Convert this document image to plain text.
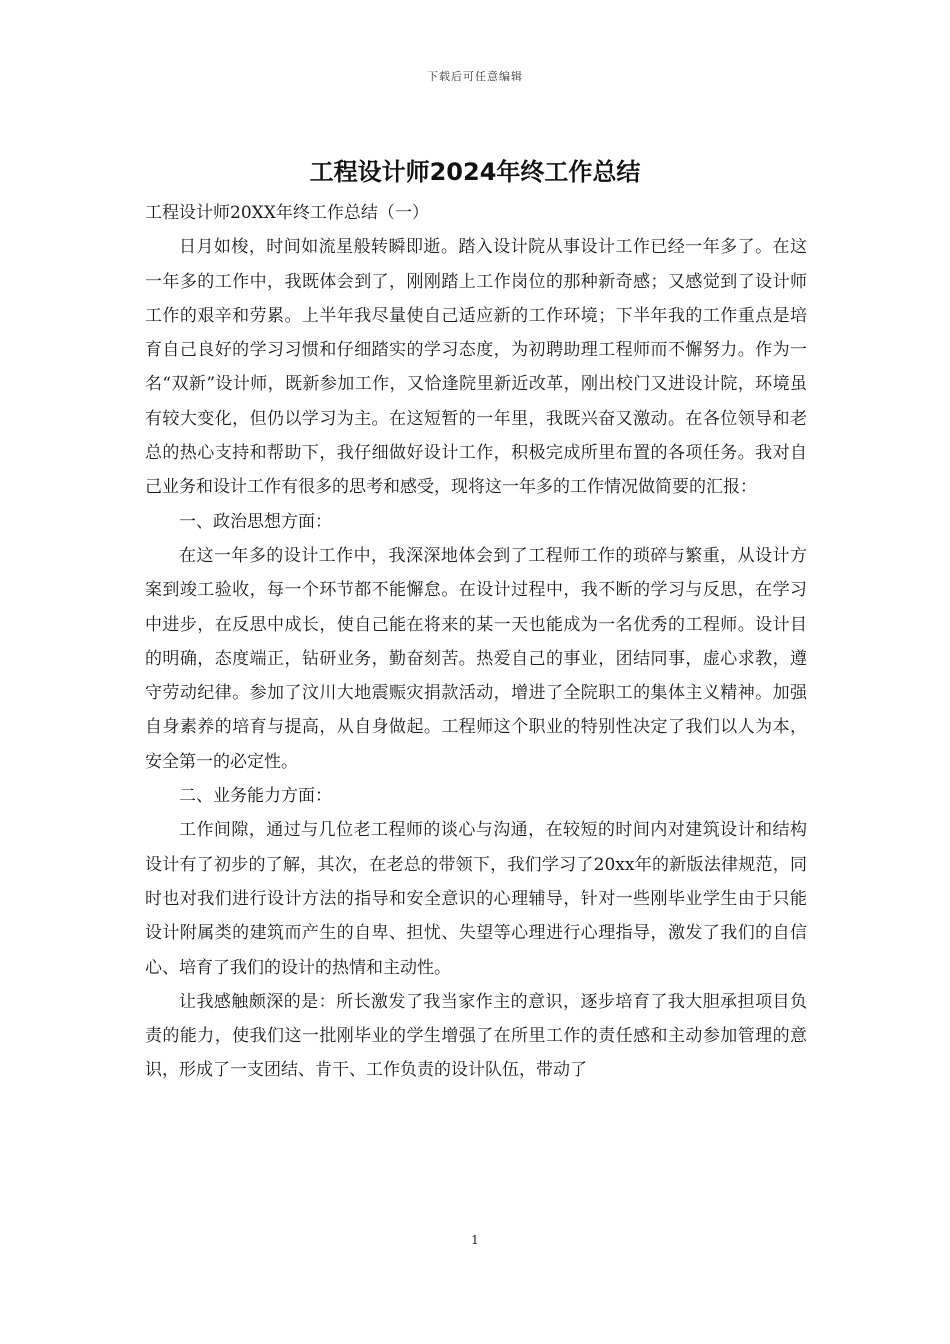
下载后可任意编辑
工程设计师2024年终工作总结

工程设计师20XX年终工作总结（一）

日月如梭，时间如流星般转瞬即逝。踏入设计院从事设计工作已经一年多了。在这一年多的工作中，我既体会到了，刚刚踏上工作岗位的那种新奇感；又感觉到了设计师工作的艰辛和劳累。上半年我尽量使自己适应新的工作环境；下半年我的工作重点是培育自己良好的学习习惯和仔细踏实的学习态度，为初聘助理工程师而不懈努力。作为一名“双新”设计师，既新参加工作，又恰逢院里新近改革，刚出校门又进设计院，环境虽有较大变化，但仍以学习为主。在这短暂的一年里，我既兴奋又激动。在各位领导和老总的热心支持和帮助下，我仔细做好设计工作，积极完成所里布置的各项任务。我对自己业务和设计工作有很多的思考和感受，现将这一年多的工作情况做简要的汇报：

一、政治思想方面：

在这一年多的设计工作中，我深深地体会到了工程师工作的琐碎与繁重，从设计方案到竣工验收，每一个环节都不能懈怠。在设计过程中，我不断的学习与反思，在学习中进步，在反思中成长，使自己能在将来的某一天也能成为一名优秀的工程师。设计目的明确，态度端正，钻研业务，勤奋刻苦。热爱自己的事业，团结同事，虚心求教，遵守劳动纪律。参加了汶川大地震赈灾捐款活动，增进了全院职工的集体主义精神。加强自身素养的培育与提高，从自身做起。工程师这个职业的特别性决定了我们以人为本，安全第一的必定性。

二、业务能力方面：

工作间隙，通过与几位老工程师的谈心与沟通，在较短的时间内对建筑设计和结构设计有了初步的了解，其次，在老总的带领下，我们学习了20xx年的新版法律规范，同时也对我们进行设计方法的指导和安全意识的心理辅导，针对一些刚毕业学生由于只能设计附属类的建筑而产生的自卑、担忧、失望等心理进行心理指导，激发了我们的自信心、培育了我们的设计的热情和主动性。

让我感触颇深的是：所长激发了我当家作主的意识，逐步培育了我大胆承担项目负责的能力，使我们这一批刚毕业的学生增强了在所里工作的责任感和主动参加管理的意识，形成了一支团结、肯干、工作负责的设计队伍，带动了

1
